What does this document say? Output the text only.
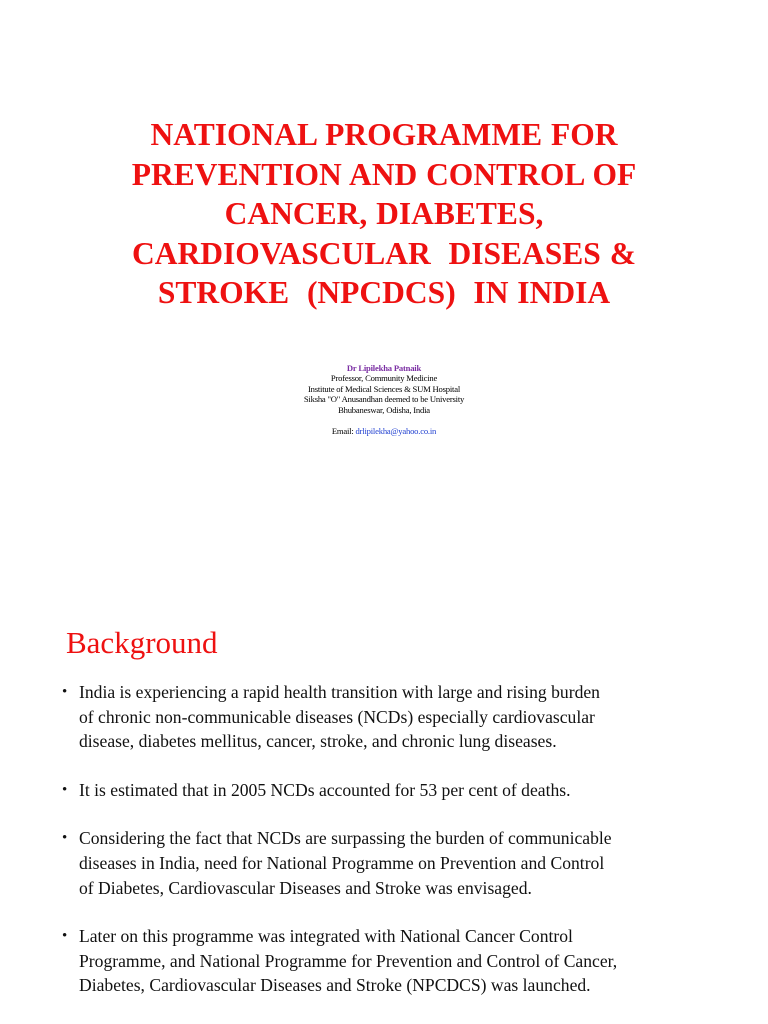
NATIONAL PROGRAMME FOR
PREVENTION AND CONTROL OF
CANCER, DIABETES,
CARDIOVASCULAR  DISEASES &
STROKE  (NPCDCS)  IN INDIA
Dr Lipilekha Patnaik
Professor, Community Medicine
Institute of Medical Sciences & SUM Hospital
Siksha "O" Anusandhan deemed to be University
Bhubaneswar, Odisha, India
Email: drlipilekha@yahoo.co.in
Background
• India is experiencing a rapid health transition with large and rising burden
of chronic non-communicable diseases (NCDs) especially cardiovascular
disease, diabetes mellitus, cancer, stroke, and chronic lung diseases.
• It is estimated that in 2005 NCDs accounted for 53 per cent of deaths.
• Considering the fact that NCDs are surpassing the burden of communicable
diseases in India, need for National Programme on Prevention and Control
of Diabetes, Cardiovascular Diseases and Stroke was envisaged.
• Later on this programme was integrated with National Cancer Control
Programme, and National Programme for Prevention and Control of Cancer,
Diabetes, Cardiovascular Diseases and Stroke (NPCDCS) was launched.
